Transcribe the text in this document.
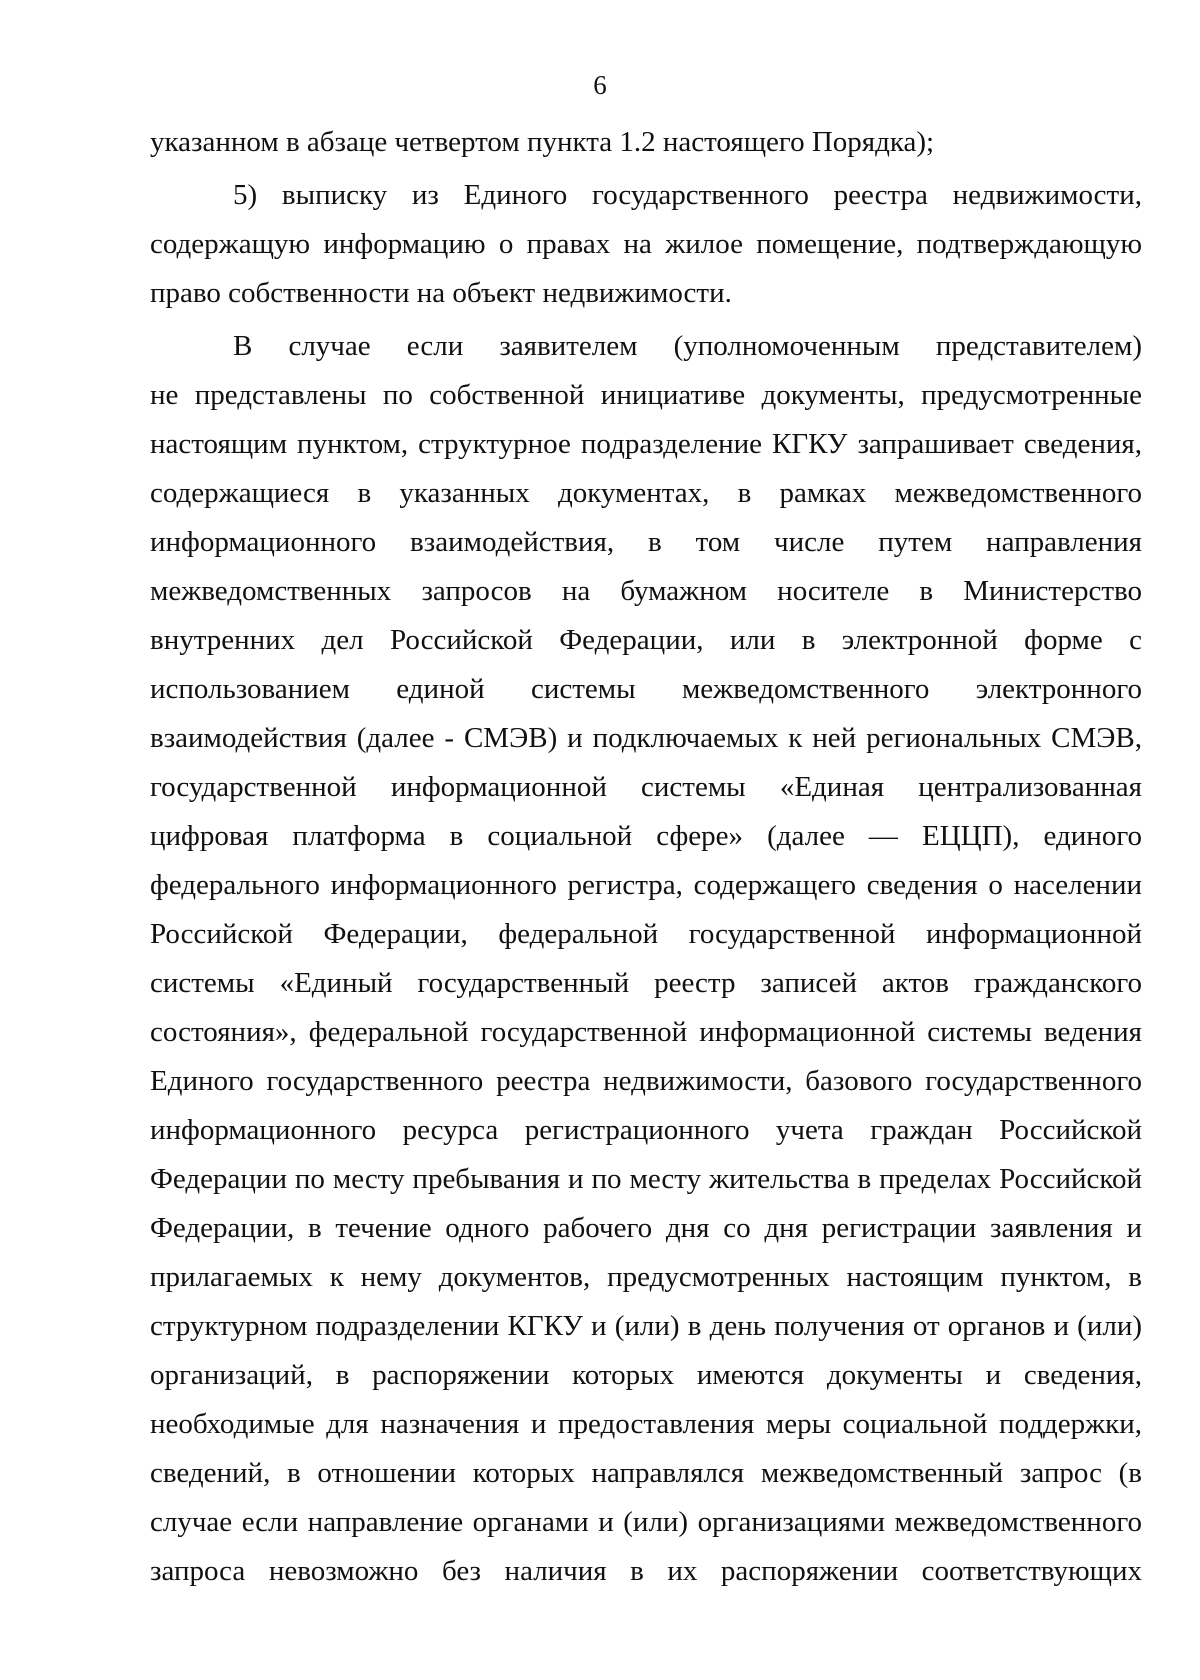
6

указанном в абзаце четвертом пункта 1.2 настоящего Порядка);

5) выписку из Единого государственного реестра недвижимости,
содержащую информацию о правах на жилое помещение, подтверждающую
право собственности на объект недвижимости.

В случае если заявителем (уполномоченным представителем)
не представлены по собственной инициативе документы, предусмотренные
настоящим пунктом, структурное подразделение КГКУ запрашивает сведения,
содержащиеся в указанных документах, в рамках межведомственного
информационного взаимодействия, в том числе путем направления
межведомственных запросов на бумажном носителе в Министерство
внутренних дел Российской Федерации, или в электронной форме с
использованием единой системы межведомственного электронного
взаимодействия (далее - СМЭВ) и подключаемых к ней региональных СМЭВ,
государственной информационной системы «Единая централизованная
цифровая платформа в социальной сфере» (далее — ЕЦЦП), единого
федерального информационного регистра, содержащего сведения о населении
Российской Федерации, федеральной государственной информационной
системы «Единый государственный реестр записей актов гражданского
состояния», федеральной государственной информационной системы ведения
Единого государственного реестра недвижимости, базового государственного
информационного ресурса регистрационного учета граждан Российской
Федерации по месту пребывания и по месту жительства в пределах Российской
Федерации, в течение одного рабочего дня со дня регистрации заявления и
прилагаемых к нему документов, предусмотренных настоящим пунктом, в
структурном подразделении КГКУ и (или) в день получения от органов и (или)
организаций, в распоряжении которых имеются документы и сведения,
необходимые для назначения и предоставления меры социальной поддержки,
сведений, в отношении которых направлялся межведомственный запрос (в
случае если направление органами и (или) организациями межведомственного
запроса невозможно без наличия в их распоряжении соответствующих
